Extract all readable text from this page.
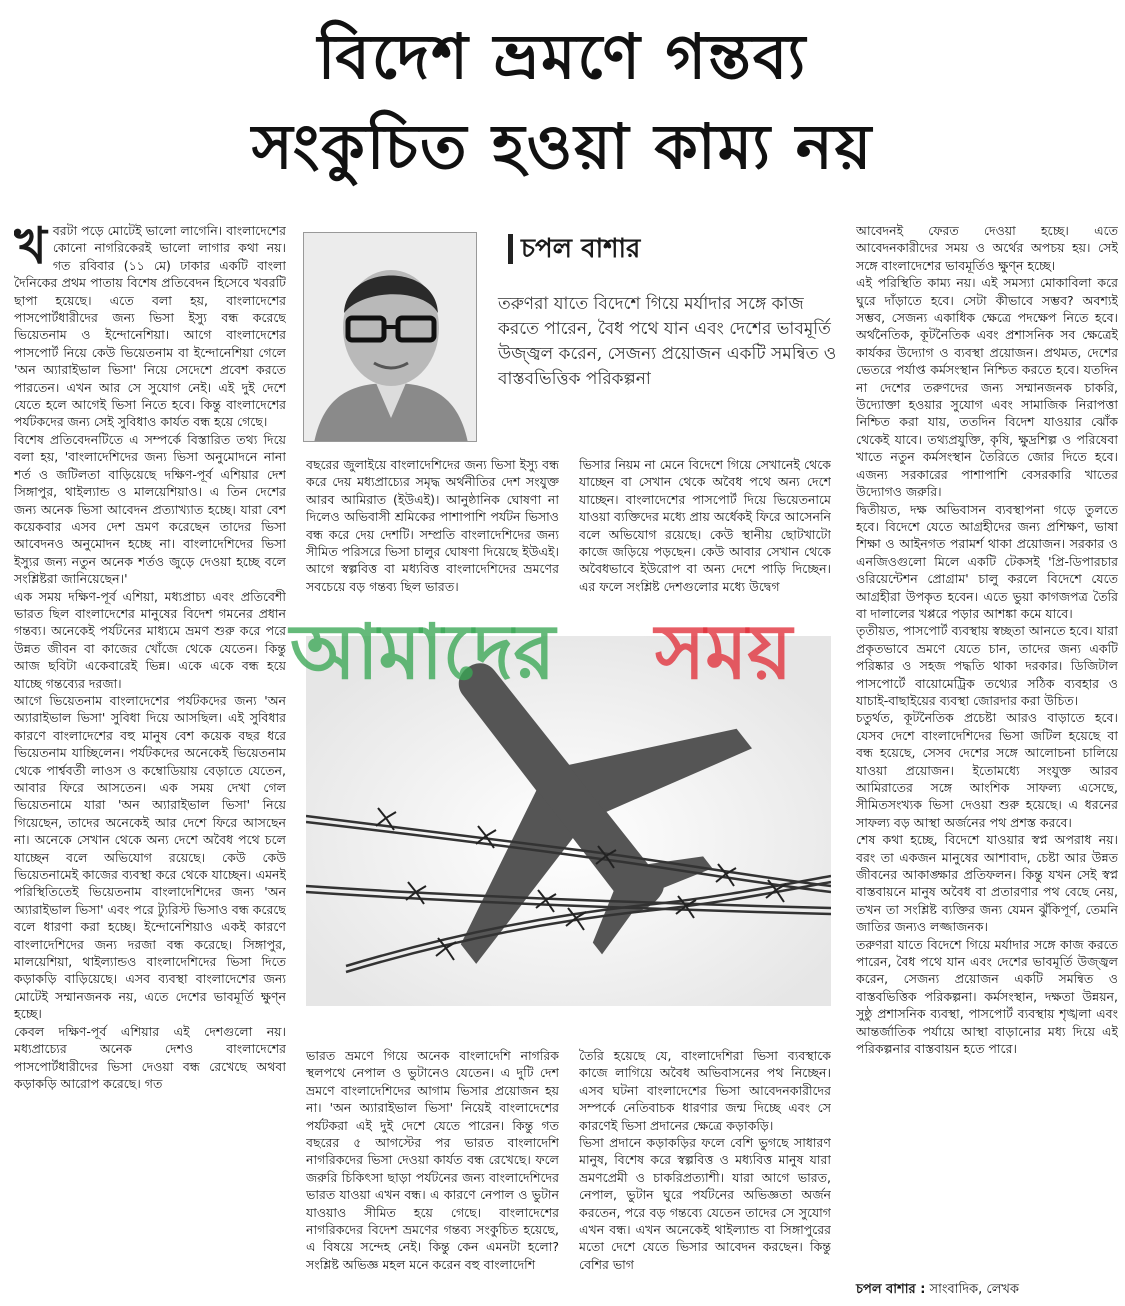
বিদেশ ভ্রমণে গন্তব্য
সংকুচিত হওয়া কাম্য নয়

খবরটা পড়ে মোটেই ভালো লাগেনি। বাংলাদেশের কোনো নাগরিকেরই ভালো লাগার কথা নয়। গত রবিবার (১১ মে) ঢাকার একটি বাংলা দৈনিকের প্রথম পাতায় বিশেষ প্রতিবেদন হিসেবে খবরটি ছাপা হয়েছে। এতে বলা হয়, বাংলাদেশের পাসপোর্টধারীদের জন্য ভিসা ইস্যু বন্ধ করেছে ভিয়েতনাম ও ইন্দোনেশিয়া। আগে বাংলাদেশের পাসপোর্ট নিয়ে কেউ ভিয়েতনাম বা ইন্দোনেশিয়া গেলে 'অন অ্যারাইভাল ভিসা' নিয়ে সেদেশে প্রবেশ করতে পারতেন। এখন আর সে সুযোগ নেই। এই দুই দেশে যেতে হলে আগেই ভিসা নিতে হবে। কিন্তু বাংলাদেশের পর্যটকদের জন্য সেই সুবিধাও কার্যত বন্ধ হয়ে গেছে।

বিশেষ প্রতিবেদনটিতে এ সম্পর্কে বিস্তারিত তথ্য দিয়ে বলা হয়, 'বাংলাদেশিদের জন্য ভিসা অনুমোদনে নানা শর্ত ও জটিলতা বাড়িয়েছে দক্ষিণ-পূর্ব এশিয়ার দেশ সিঙ্গাপুর, থাইল্যান্ড ও মালয়েশিয়াও। এ তিন দেশের জন্য অনেক ভিসা আবেদন প্রত্যাখ্যাত হচ্ছে। যারা বেশ কয়েকবার এসব দেশ ভ্রমণ করেছেন তাদের ভিসা আবেদনও অনুমোদন হচ্ছে না। বাংলাদেশিদের ভিসা ইস্যুর জন্য নতুন অনেক শর্তও জুড়ে দেওয়া হচ্ছে বলে সংশ্লিষ্টরা জানিয়েছেন।'

এক সময় দক্ষিণ-পূর্ব এশিয়া, মধ্যপ্রাচ্য এবং প্রতিবেশী ভারত ছিল বাংলাদেশের মানুষের বিদেশ গমনের প্রধান গন্তব্য। অনেকেই পর্যটনের মাধ্যমে ভ্রমণ শুরু করে পরে উন্নত জীবন বা কাজের খোঁজে থেকে যেতেন। কিন্তু আজ ছবিটা একেবারেই ভিন্ন। একে একে বন্ধ হয়ে যাচ্ছে গন্তব্যের দরজা।

আগে ভিয়েতনাম বাংলাদেশের পর্যটকদের জন্য 'অন অ্যারাইভাল ভিসা' সুবিধা দিয়ে আসছিল। এই সুবিধার কারণে বাংলাদেশের বহু মানুষ বেশ কয়েক বছর ধরে ভিয়েতনাম যাচ্ছিলেন। পর্যটকদের অনেকেই ভিয়েতনাম থেকে পার্শ্ববর্তী লাওস ও কম্বোডিয়ায় বেড়াতে যেতেন, আবার ফিরে আসতেন। এক সময় দেখা গেল ভিয়েতনামে যারা 'অন অ্যারাইভাল ভিসা' নিয়ে গিয়েছেন, তাদের অনেকেই আর দেশে ফিরে আসছেন না। অনেকে সেখান থেকে অন্য দেশে অবৈধ পথে চলে যাচ্ছেন বলে অভিযোগ রয়েছে। কেউ কেউ ভিয়েতনামেই কাজের ব্যবস্থা করে থেকে যাচ্ছেন। এমনই পরিস্থিতিতেই ভিয়েতনাম বাংলাদেশিদের জন্য 'অন অ্যারাইভাল ভিসা' এবং পরে ট্যুরিস্ট ভিসাও বন্ধ করেছে বলে ধারণা করা হচ্ছে। ইন্দোনেশিয়াও একই কারণে বাংলাদেশিদের জন্য দরজা বন্ধ করেছে। সিঙ্গাপুর, মালয়েশিয়া, থাইল্যান্ডও বাংলাদেশিদের ভিসা দিতে কড়াকড়ি বাড়িয়েছে। এসব ব্যবস্থা বাংলাদেশের জন্য মোটেই সম্মানজনক নয়, এতে দেশের ভাবমূর্তি ক্ষুণ্ন হচ্ছে।

কেবল দক্ষিণ-পূর্ব এশিয়ার এই দেশগুলো নয়। মধ্যপ্রাচ্যের অনেক দেশও বাংলাদেশের পাসপোর্টধারীদের ভিসা দেওয়া বন্ধ রেখেছে অথবা কড়াকড়ি আরোপ করেছে। গত

চপল বাশার
তরুণরা যাতে বিদেশে গিয়ে মর্যাদার সঙ্গে কাজ করতে পারেন, বৈধ পথে যান এবং দেশের ভাবমূর্তি উজ্জ্বল করেন, সেজন্য প্রয়োজন একটি সমন্বিত ও বাস্তবভিত্তিক পরিকল্পনা

বছরের জুলাইয়ে বাংলাদেশিদের জন্য ভিসা ইস্যু বন্ধ করে দেয় মধ্যপ্রাচ্যের সমৃদ্ধ অর্থনীতির দেশ সংযুক্ত আরব আমিরাত (ইউএই)। আনুষ্ঠানিক ঘোষণা না দিলেও অভিবাসী শ্রমিকের পাশাপাশি পর্যটন ভিসাও বন্ধ করে দেয় দেশটি। সম্প্রতি বাংলাদেশিদের জন্য সীমিত পরিসরে ভিসা চালুর ঘোষণা দিয়েছে ইউএই। আগে স্বল্পবিত্ত বা মধ্যবিত্ত বাংলাদেশিদের ভ্রমণের সবচেয়ে বড় গন্তব্য ছিল ভারত।

ভিসার নিয়ম না মেনে বিদেশে গিয়ে সেখানেই থেকে যাচ্ছেন বা সেখান থেকে অবৈধ পথে অন্য দেশে যাচ্ছেন। বাংলাদেশের পাসপোর্ট দিয়ে ভিয়েতনামে যাওয়া ব্যক্তিদের মধ্যে প্রায় অর্ধেকই ফিরে আসেননি বলে অভিযোগ রয়েছে। কেউ স্থানীয় ছোটখাটো কাজে জড়িয়ে পড়ছেন। কেউ আবার সেখান থেকে অবৈধভাবে ইউরোপ বা অন্য দেশে পাড়ি দিচ্ছেন। এর ফলে সংশ্লিষ্ট দেশগুলোর মধ্যে উদ্বেগ

আমাদের সময়

ভারত ভ্রমণে গিয়ে অনেক বাংলাদেশি নাগরিক স্থলপথে নেপাল ও ভুটানেও যেতেন। এ দুটি দেশ ভ্রমণে বাংলাদেশিদের আগাম ভিসার প্রয়োজন হয় না। 'অন অ্যারাইভাল ভিসা' নিয়েই বাংলাদেশের পর্যটকরা এই দুই দেশে যেতে পারেন। কিন্তু গত বছরের ৫ আগস্টের পর ভারত বাংলাদেশি নাগরিকদের ভিসা দেওয়া কার্যত বন্ধ রেখেছে। ফলে জরুরি চিকিৎসা ছাড়া পর্যটনের জন্য বাংলাদেশিদের ভারত যাওয়া এখন বন্ধ। এ কারণে নেপাল ও ভুটান যাওয়াও সীমিত হয়ে গেছে। বাংলাদেশের নাগরিকদের বিদেশ ভ্রমণের গন্তব্য সংকুচিত হয়েছে, এ বিষয়ে সন্দেহ নেই। কিন্তু কেন এমনটা হলো? সংশ্লিষ্ট অভিজ্ঞ মহল মনে করেন বহু বাংলাদেশি

তৈরি হয়েছে যে, বাংলাদেশিরা ভিসা ব্যবস্থাকে কাজে লাগিয়ে অবৈধ অভিবাসনের পথ নিচ্ছেন। এসব ঘটনা বাংলাদেশের ভিসা আবেদনকারীদের সম্পর্কে নেতিবাচক ধারণার জন্ম দিচ্ছে এবং সে কারণেই ভিসা প্রদানের ক্ষেত্রে কড়াকড়ি।

ভিসা প্রদানে কড়াকড়ির ফলে বেশি ভুগছে সাধারণ মানুষ, বিশেষ করে স্বল্পবিত্ত ও মধ্যবিত্ত মানুষ যারা ভ্রমণপ্রেমী ও চাকরিপ্রত্যাশী। যারা আগে ভারত, নেপাল, ভুটান ঘুরে পর্যটনের অভিজ্ঞতা অর্জন করতেন, পরে বড় গন্তব্যে যেতেন তাদের সে সুযোগ এখন বন্ধ। এখন অনেকেই থাইল্যান্ড বা সিঙ্গাপুরের মতো দেশে যেতে ভিসার আবেদন করছেন। কিন্তু বেশির ভাগ

আবেদনই ফেরত দেওয়া হচ্ছে। এতে আবেদনকারীদের সময় ও অর্থের অপচয় হয়। সেই সঙ্গে বাংলাদেশের ভাবমূর্তিও ক্ষুণ্ন হচ্ছে।

এই পরিস্থিতি কাম্য নয়। এই সমস্যা মোকাবিলা করে ঘুরে দাঁড়াতে হবে। সেটা কীভাবে সম্ভব? অবশ্যই সম্ভব, সেজন্য একাধিক ক্ষেত্রে পদক্ষেপ নিতে হবে। অর্থনৈতিক, কূটনৈতিক এবং প্রশাসনিক সব ক্ষেত্রেই কার্যকর উদ্যোগ ও ব্যবস্থা প্রয়োজন। প্রথমত, দেশের ভেতরে পর্যাপ্ত কর্মসংস্থান নিশ্চিত করতে হবে। যতদিন না দেশের তরুণদের জন্য সম্মানজনক চাকরি, উদ্যোক্তা হওয়ার সুযোগ এবং সামাজিক নিরাপত্তা নিশ্চিত করা যায়, ততদিন বিদেশ যাওয়ার ঝোঁক থেকেই যাবে। তথ্যপ্রযুক্তি, কৃষি, ক্ষুদ্রশিল্প ও পরিষেবা খাতে নতুন কর্মসংস্থান তৈরিতে জোর দিতে হবে। এজন্য সরকারের পাশাপাশি বেসরকারি খাতের উদ্যোগও জরুরি।

দ্বিতীয়ত, দক্ষ অভিবাসন ব্যবস্থাপনা গড়ে তুলতে হবে। বিদেশে যেতে আগ্রহীদের জন্য প্রশিক্ষণ, ভাষা শিক্ষা ও আইনগত পরামর্শ থাকা প্রয়োজন। সরকার ও এনজিওগুলো মিলে একটি টেকসই 'প্রি-ডিপারচার ওরিয়েন্টেশন প্রোগ্রাম' চালু করলে বিদেশে যেতে আগ্রহীরা উপকৃত হবেন। এতে ভুয়া কাগজপত্র তৈরি বা দালালের খপ্পরে পড়ার আশঙ্কা কমে যাবে।

তৃতীয়ত, পাসপোর্ট ব্যবস্থায় স্বচ্ছতা আনতে হবে। যারা প্রকৃতভাবে ভ্রমণে যেতে চান, তাদের জন্য একটি পরিষ্কার ও সহজ পদ্ধতি থাকা দরকার। ডিজিটাল পাসপোর্টে বায়োমেট্রিক তথ্যের সঠিক ব্যবহার ও যাচাই-বাছাইয়ের ব্যবস্থা জোরদার করা উচিত।

চতুর্থত, কূটনৈতিক প্রচেষ্টা আরও বাড়াতে হবে। যেসব দেশে বাংলাদেশিদের ভিসা জটিল হয়েছে বা বন্ধ হয়েছে, সেসব দেশের সঙ্গে আলোচনা চালিয়ে যাওয়া প্রয়োজন। ইতোমধ্যে সংযুক্ত আরব আমিরাতের সঙ্গে আংশিক সাফল্য এসেছে, সীমিতসংখ্যক ভিসা দেওয়া শুরু হয়েছে। এ ধরনের সাফল্য বড় আস্থা অর্জনের পথ প্রশস্ত করবে।

শেষ কথা হচ্ছে, বিদেশে যাওয়ার স্বপ্ন অপরাধ নয়। বরং তা একজন মানুষের আশাবাদ, চেষ্টা আর উন্নত জীবনের আকাঙ্ক্ষার প্রতিফলন। কিন্তু যখন সেই স্বপ্ন বাস্তবায়নে মানুষ অবৈধ বা প্রতারণার পথ বেছে নেয়, তখন তা সংশ্লিষ্ট ব্যক্তির জন্য যেমন ঝুঁকিপূর্ণ, তেমনি জাতির জন্যও লজ্জাজনক।

তরুণরা যাতে বিদেশে গিয়ে মর্যাদার সঙ্গে কাজ করতে পারেন, বৈধ পথে যান এবং দেশের ভাবমূর্তি উজ্জ্বল করেন, সেজন্য প্রয়োজন একটি সমন্বিত ও বাস্তবভিত্তিক পরিকল্পনা। কর্মসংস্থান, দক্ষতা উন্নয়ন, সুষ্ঠু প্রশাসনিক ব্যবস্থা, পাসপোর্ট ব্যবস্থায় শৃঙ্খলা এবং আন্তর্জাতিক পর্যায়ে আস্থা বাড়ানোর মধ্য দিয়ে এই পরিকল্পনার বাস্তবায়ন হতে পারে।

চপল বাশার : সাংবাদিক, লেখক
